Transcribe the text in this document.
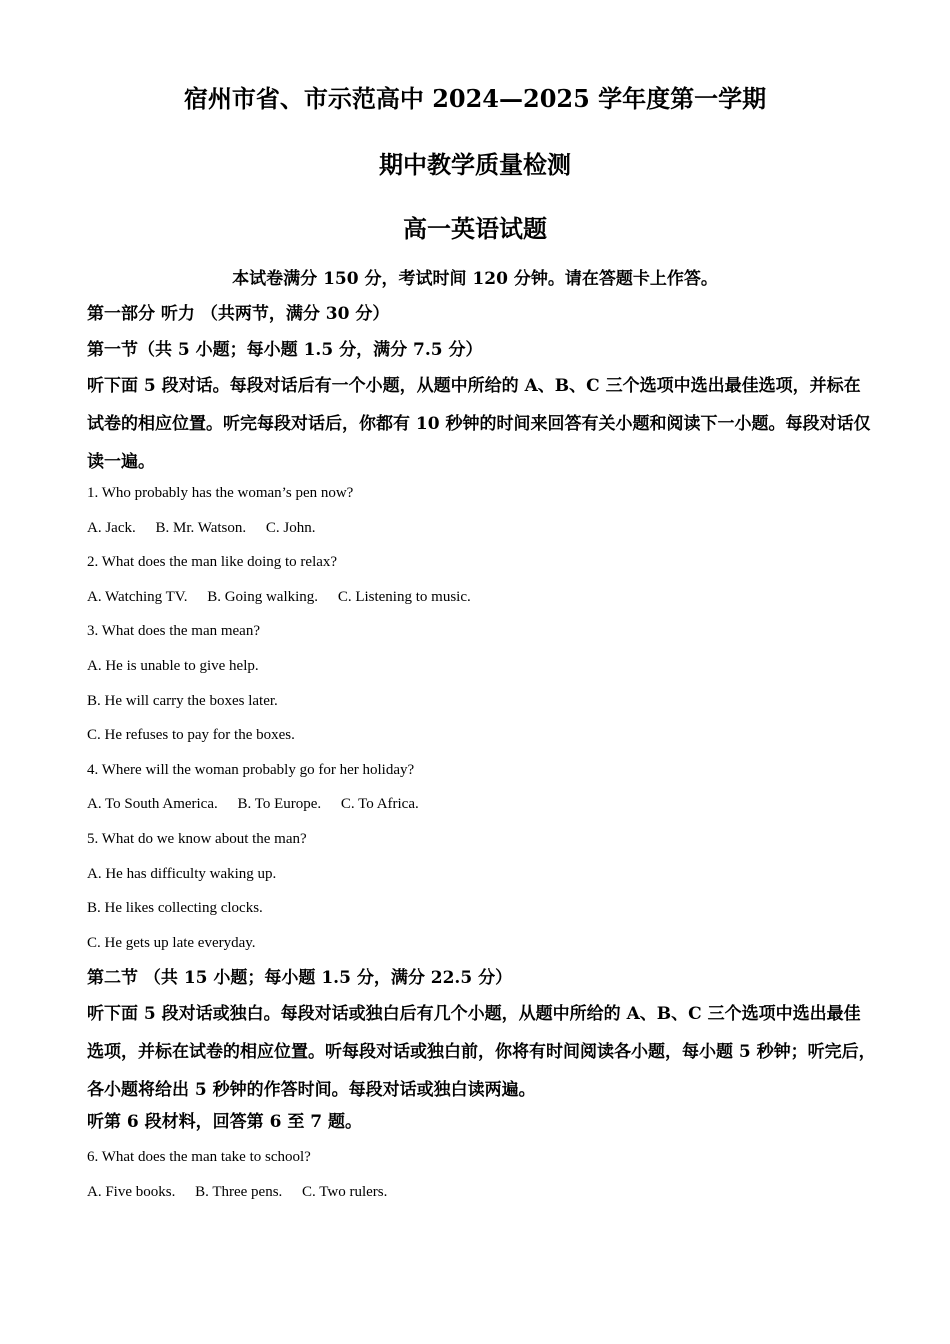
宿州市省、市示范高中 2024—2025 学年度第一学期
期中教学质量检测
高一英语试题
本试卷满分 150 分，考试时间 120 分钟。请在答题卡上作答。
第一部分 听力 （共两节，满分 30 分）
第一节（共 5 小题；每小题 1.5 分，满分 7.5 分）
听下面 5 段对话。每段对话后有一个小题，从题中所给的 A、B、C 三个选项中选出最佳选项，并标在试卷的相应位置。听完每段对话后，你都有 10 秒钟的时间来回答有关小题和阅读下一小题。每段对话仅读一遍。
1. Who probably has the woman’s pen now?
A. Jack. B. Mr. Watson. C. John.
2. What does the man like doing to relax?
A. Watching TV. B. Going walking. C. Listening to music.
3. What does the man mean?
A. He is unable to give help.
B. He will carry the boxes later.
C. He refuses to pay for the boxes.
4. Where will the woman probably go for her holiday?
A. To South America. B. To Europe. C. To Africa.
5. What do we know about the man?
A. He has difficulty waking up.
B. He likes collecting clocks.
C. He gets up late everyday.
第二节 （共 15 小题；每小题 1.5 分，满分 22.5 分）
听下面 5 段对话或独白。每段对话或独白后有几个小题，从题中所给的 A、B、C 三个选项中选出最佳选项，并标在试卷的相应位置。听每段对话或独白前，你将有时间阅读各小题，每小题 5 秒钟；听完后，各小题将给出 5 秒钟的作答时间。每段对话或独白读两遍。
听第 6 段材料，回答第 6 至 7 题。
6. What does the man take to school?
A. Five books. B. Three pens. C. Two rulers.
